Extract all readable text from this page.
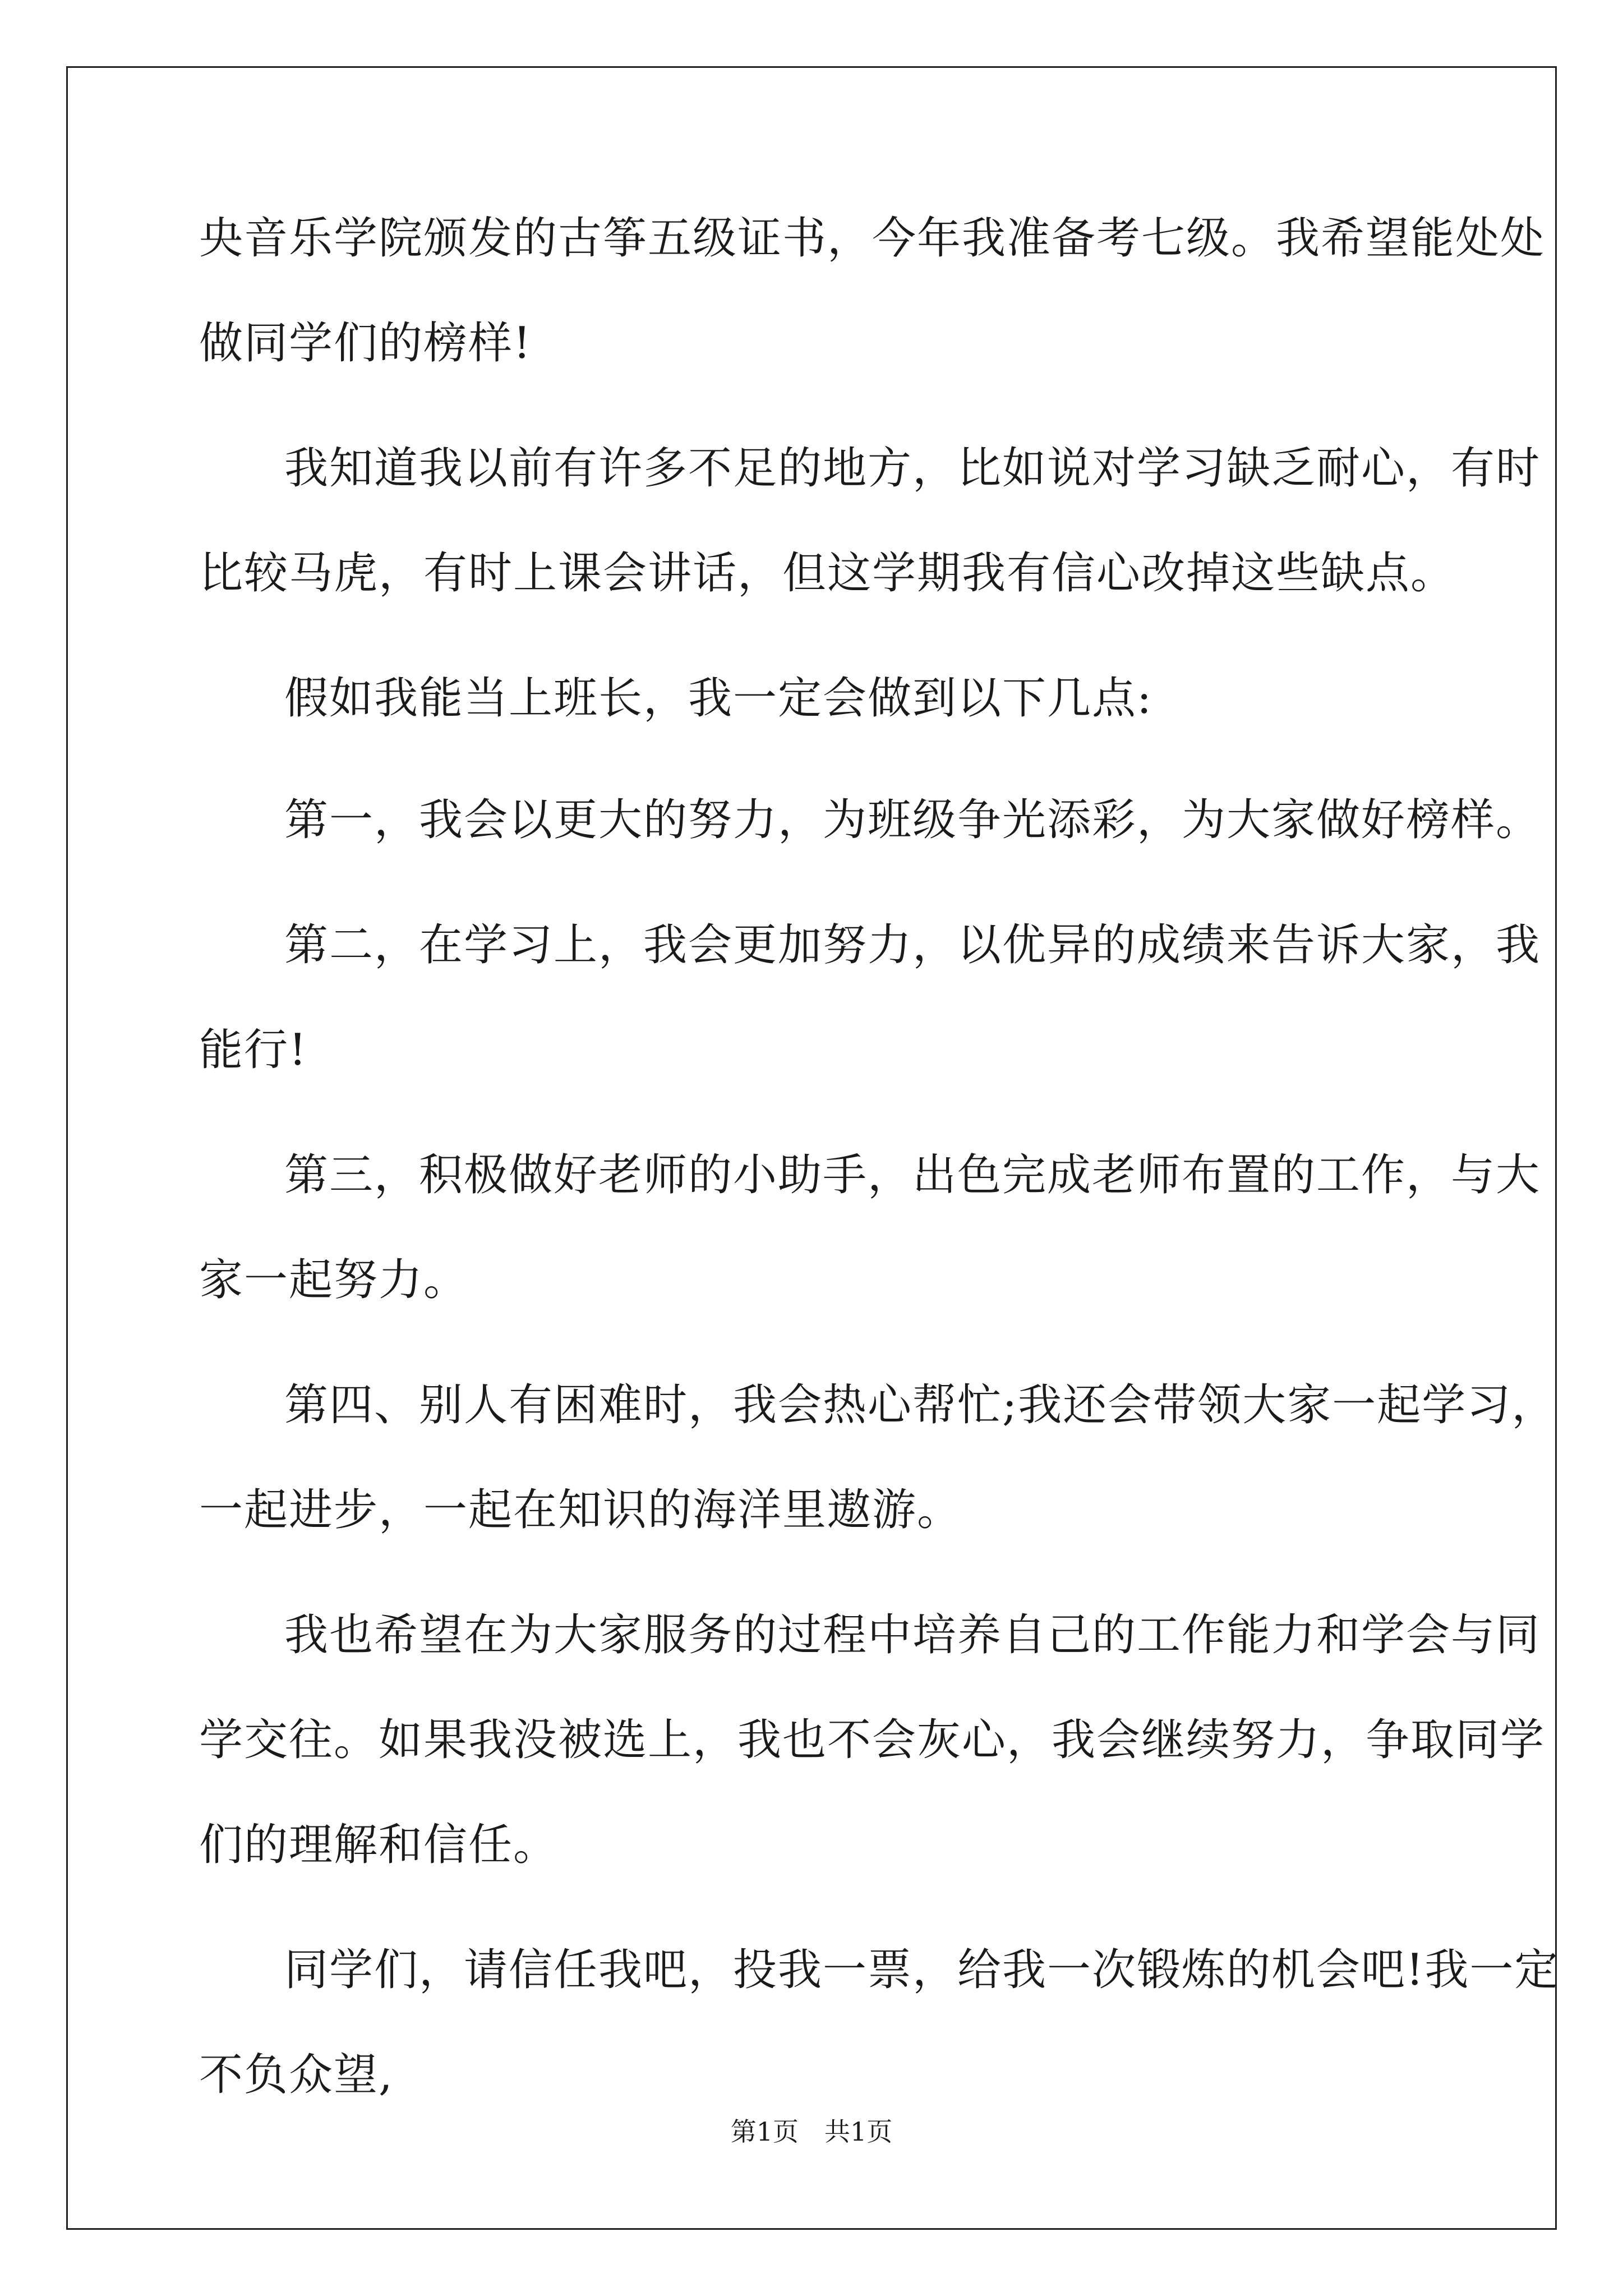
央音乐学院颁发的古筝五级证书，今年我准备考七级。我希望能处处
做同学们的榜样!
我知道我以前有许多不足的地方，比如说对学习缺乏耐心，有时
比较马虎，有时上课会讲话，但这学期我有信心改掉这些缺点。
假如我能当上班长，我一定会做到以下几点:
第一，我会以更大的努力，为班级争光添彩，为大家做好榜样。
第二，在学习上，我会更加努力，以优异的成绩来告诉大家，我
能行!
第三，积极做好老师的小助手，出色完成老师布置的工作，与大
家一起努力。
第四、别人有困难时，我会热心帮忙;我还会带领大家一起学习，
一起进步，一起在知识的海洋里遨游。
我也希望在为大家服务的过程中培养自己的工作能力和学会与同
学交往。如果我没被选上，我也不会灰心，我会继续努力，争取同学
们的理解和信任。
同学们，请信任我吧，投我一票，给我一次锻炼的机会吧!我一定
不负众望,
第1页　共1页
